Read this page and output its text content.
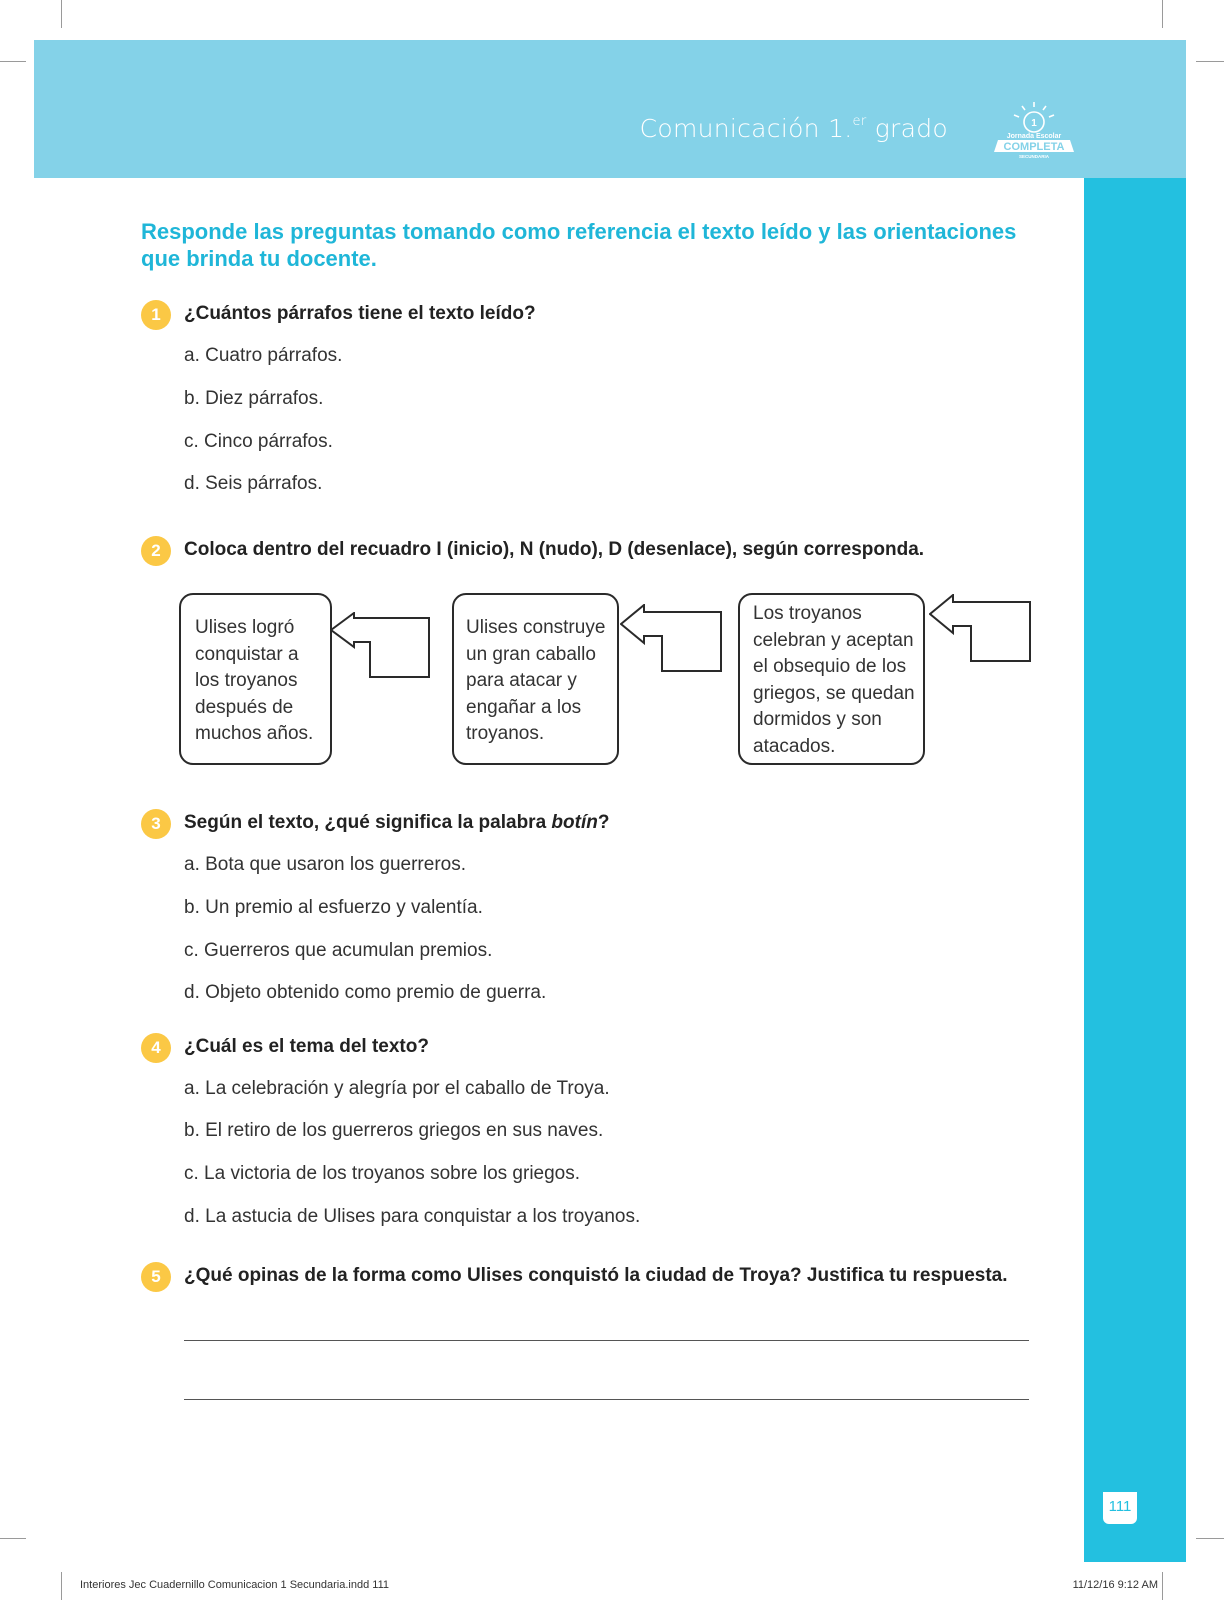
Comunicación 1.$^{er}$ grado	1
Jornada Escolar
COMPLETA
SECUNDARIA
111
Responde las preguntas tomando como referencia el texto leído y las orientaciones que brinda tu docente.
1	¿Cuántos párrafos tiene el texto leído?
a. Cuatro párrafos.
b. Diez párrafos.
c. Cinco párrafos.
d. Seis párrafos.
2	Coloca dentro del recuadro I (inicio), N (nudo), D (desenlace), según corresponda.
Ulises logró
conquistar a
los troyanos
después de
muchos años.
Ulises construye
un gran caballo
para atacar y
engañar a los
troyanos.
Los troyanos
celebran y aceptan
el obsequio de los
griegos, se quedan
dormidos y son
atacados.
3	Según el texto, ¿qué significa la palabra botín?
a. Bota que usaron los guerreros.
b. Un premio al esfuerzo y valentía.
c. Guerreros que acumulan premios.
d. Objeto obtenido como premio de guerra.
4	¿Cuál es el tema del texto?
a. La celebración y alegría por el caballo de Troya.
b. El retiro de los guerreros griegos en sus naves.
c. La victoria de los troyanos sobre los griegos.
d. La astucia de Ulises para conquistar a los troyanos.
5	¿Qué opinas de la forma como Ulises conquistó la ciudad de Troya? Justifica tu respuesta.
Interiores Jec Cuadernillo Comunicacion 1 Secundaria.indd 111	11/12/16 9:12 AM
